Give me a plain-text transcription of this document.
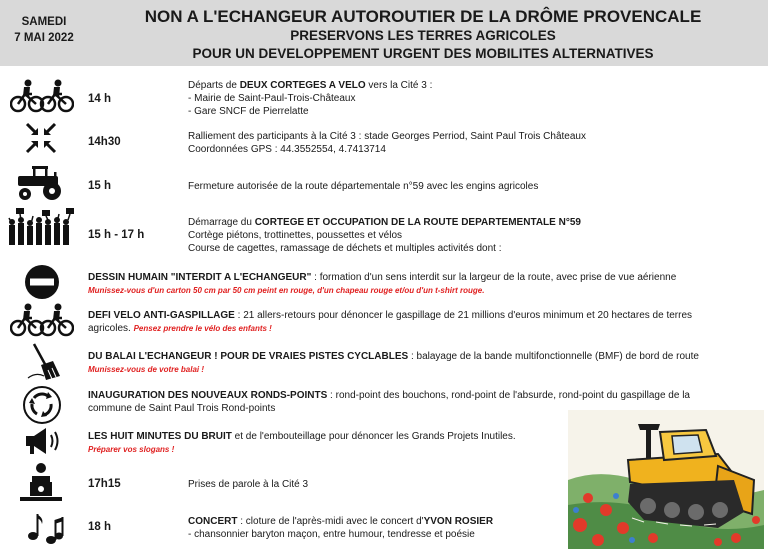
SAMEDI
7 MAI 2022
NON A L'ECHANGEUR AUTOROUTIER DE LA DRÔME PROVENCALE
PRESERVONS LES TERRES AGRICOLES
POUR UN DEVELOPPEMENT URGENT DES MOBILITES ALTERNATIVES
14 h
Départs de DEUX CORTEGES A VELO vers la Cité 3 :
- Mairie de Saint-Paul-Trois-Châteaux
- Gare SNCF de Pierrelatte
14h30	Ralliement des participants à la Cité 3 : stade Georges Perriod, Saint Paul Trois Châteaux
Coordonnées GPS : 44.3552554, 4.7413714
15 h	Fermeture autorisée de la route départementale n°59 avec les engins agricoles
15 h - 17 h
Démarrage du CORTEGE ET OCCUPATION DE LA ROUTE DEPARTEMENTALE N°59
Cortège piétons, trottinettes, poussettes et vélos
Course de cagettes, ramassage de déchets et multiples activités dont :
DESSIN HUMAIN "INTERDIT A L'ECHANGEUR" : formation d'un sens interdit sur la largeur de la route, avec prise de vue aérienne
Munissez-vous d'un carton 50 cm par 50 cm peint en rouge, d'un chapeau rouge et/ou d'un t-shirt rouge.
DEFI VELO ANTI-GASPILLAGE : 21 allers-retours pour dénoncer le gaspillage de 21 millions d'euros minimum et 20 hectares de terres
agricoles. Pensez prendre le vélo des enfants !
DU BALAI L'ECHANGEUR ! POUR DE VRAIES PISTES CYCLABLES : balayage de la bande multifonctionnelle (BMF) de bord de route
Munissez-vous de votre balai !
INAUGURATION DES NOUVEAUX RONDS-POINTS : rond-point des bouchons, rond-point de l'absurde, rond-point du gaspillage de la
commune de Saint Paul Trois Rond-points
LES HUIT MINUTES DU BRUIT et de l'embouteillage pour dénoncer les Grands Projets Inutiles.
Préparer vos slogans !
17h15	Prises de parole à la Cité 3
18 h	CONCERT : cloture de l'après-midi avec le concert d'YVON ROSIER
- chansonnier baryton maçon, entre humour, tendresse et poésie
